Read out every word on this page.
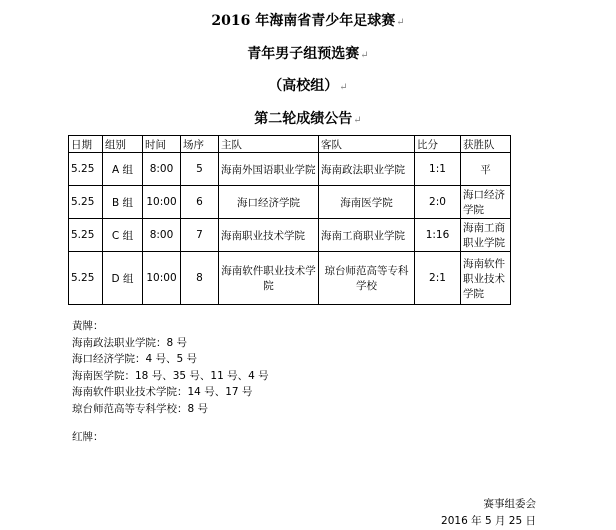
2016 年海南省青少年足球赛↵
青年男子组预选赛↵
（高校组）↵
第二轮成绩公告↵
日期	组别	时间	场序	主队	客队	比分	获胜队
5.25	A 组	8:00	5	海南外国语职业学院	海南政法职业学院	1:1	平
5.25	B 组	10:00	6	海口经济学院	海南医学院	2:0	海口经济学院
5.25	C 组	8:00	7	海南职业技术学院	海南工商职业学院	1:16	海南工商职业学院
5.25	D 组	10:00	8	海南软件职业技术学院	琼台师范高等专科学校	2:1	海南软件职业技术学院
黄牌：
海南政法职业学院：8 号
海口经济学院：4 号、5 号
海南医学院：18 号、35 号、11 号、4 号
海南软件职业技术学院：14 号、17 号
琼台师范高等专科学校：8 号
红牌：
赛事组委会
2016 年 5 月 25 日
